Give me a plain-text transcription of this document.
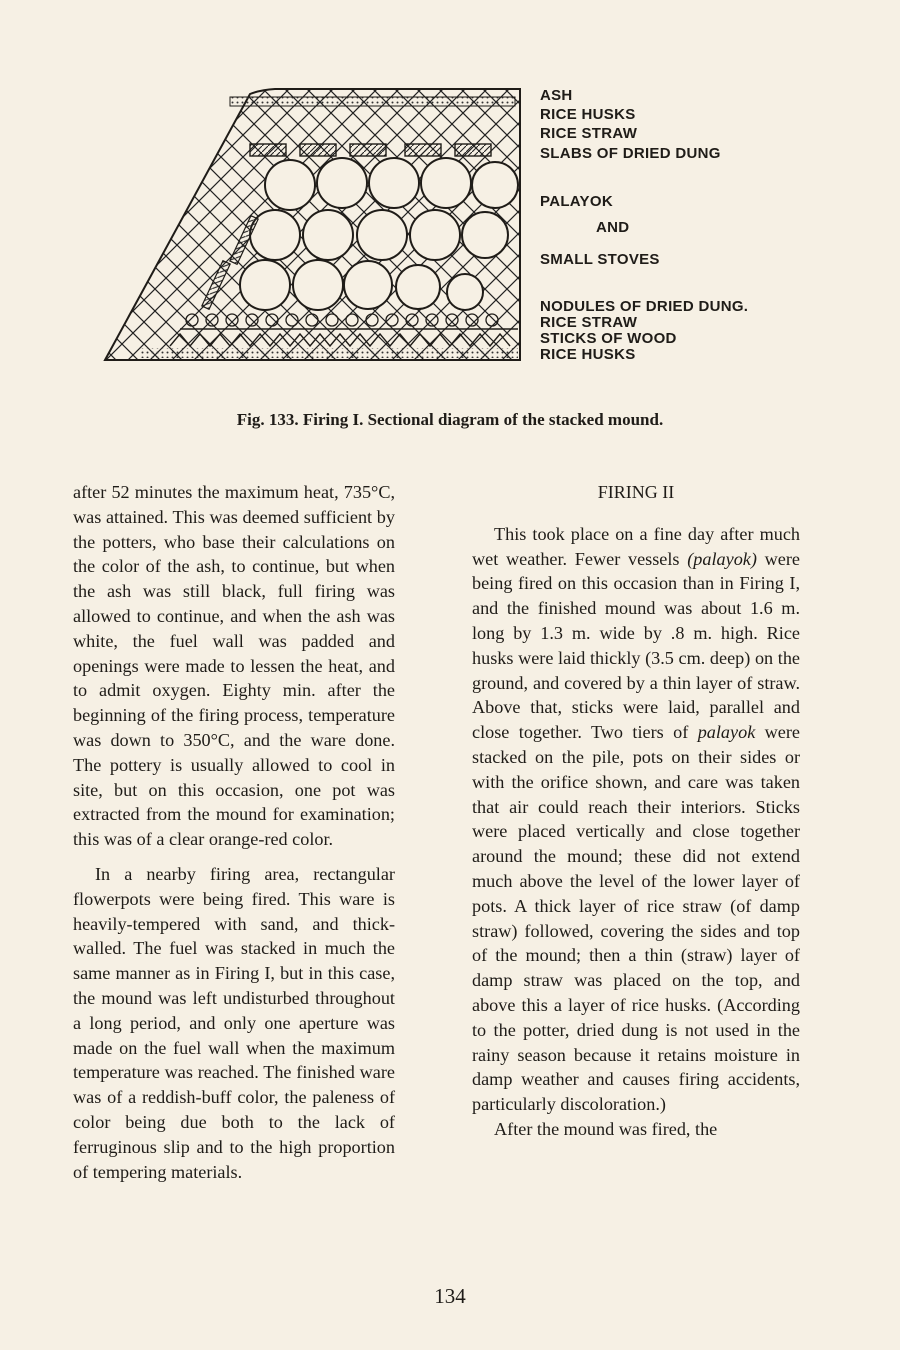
ASH
RICE HUSKS
RICE STRAW
SLABS OF DRIED DUNG
PALAYOK
AND
SMALL STOVES
NODULES OF DRIED DUNG.
RICE STRAW
STICKS OF WOOD
RICE HUSKS
Fig. 133. Firing I. Sectional diagram of the stacked mound.

after 52 minutes the maximum heat, 735°C, was attained. This was deemed sufficient by the potters, who base their calculations on the color of the ash, to continue, but when the ash was still black, full firing was allowed to continue, and when the ash was white, the fuel wall was padded and openings were made to lessen the heat, and to admit oxygen. Eighty min. after the beginning of the firing process, temperature was down to 350°C, and the ware done. The pottery is usually allowed to cool in site, but on this occasion, one pot was extracted from the mound for examination; this was of a clear orange-red color.

In a nearby firing area, rectangular flowerpots were being fired. This ware is heavily-tempered with sand, and thick-walled. The fuel was stacked in much the same manner as in Firing I, but in this case, the mound was left undisturbed throughout a long period, and only one aperture was made on the fuel wall when the maximum temperature was reached. The finished ware was of a reddish-buff color, the paleness of color being due both to the lack of ferruginous slip and to the high proportion of tempering materials.

FIRING II

This took place on a fine day after much wet weather. Fewer vessels (palayok) were being fired on this occasion than in Firing I, and the finished mound was about 1.6 m. long by 1.3 m. wide by .8 m. high. Rice husks were laid thickly (3.5 cm. deep) on the ground, and covered by a thin layer of straw. Above that, sticks were laid, parallel and close together. Two tiers of palayok were stacked on the pile, pots on their sides or with the orifice shown, and care was taken that air could reach their interiors. Sticks were placed vertically and close together around the mound; these did not extend much above the level of the lower layer of pots. A thick layer of rice straw (of damp straw) followed, covering the sides and top of the mound; then a thin (straw) layer of damp straw was placed on the top, and above this a layer of rice husks. (According to the potter, dried dung is not used in the rainy season because it retains moisture in damp weather and causes firing accidents, particularly discoloration.)

After the mound was fired, the

134
